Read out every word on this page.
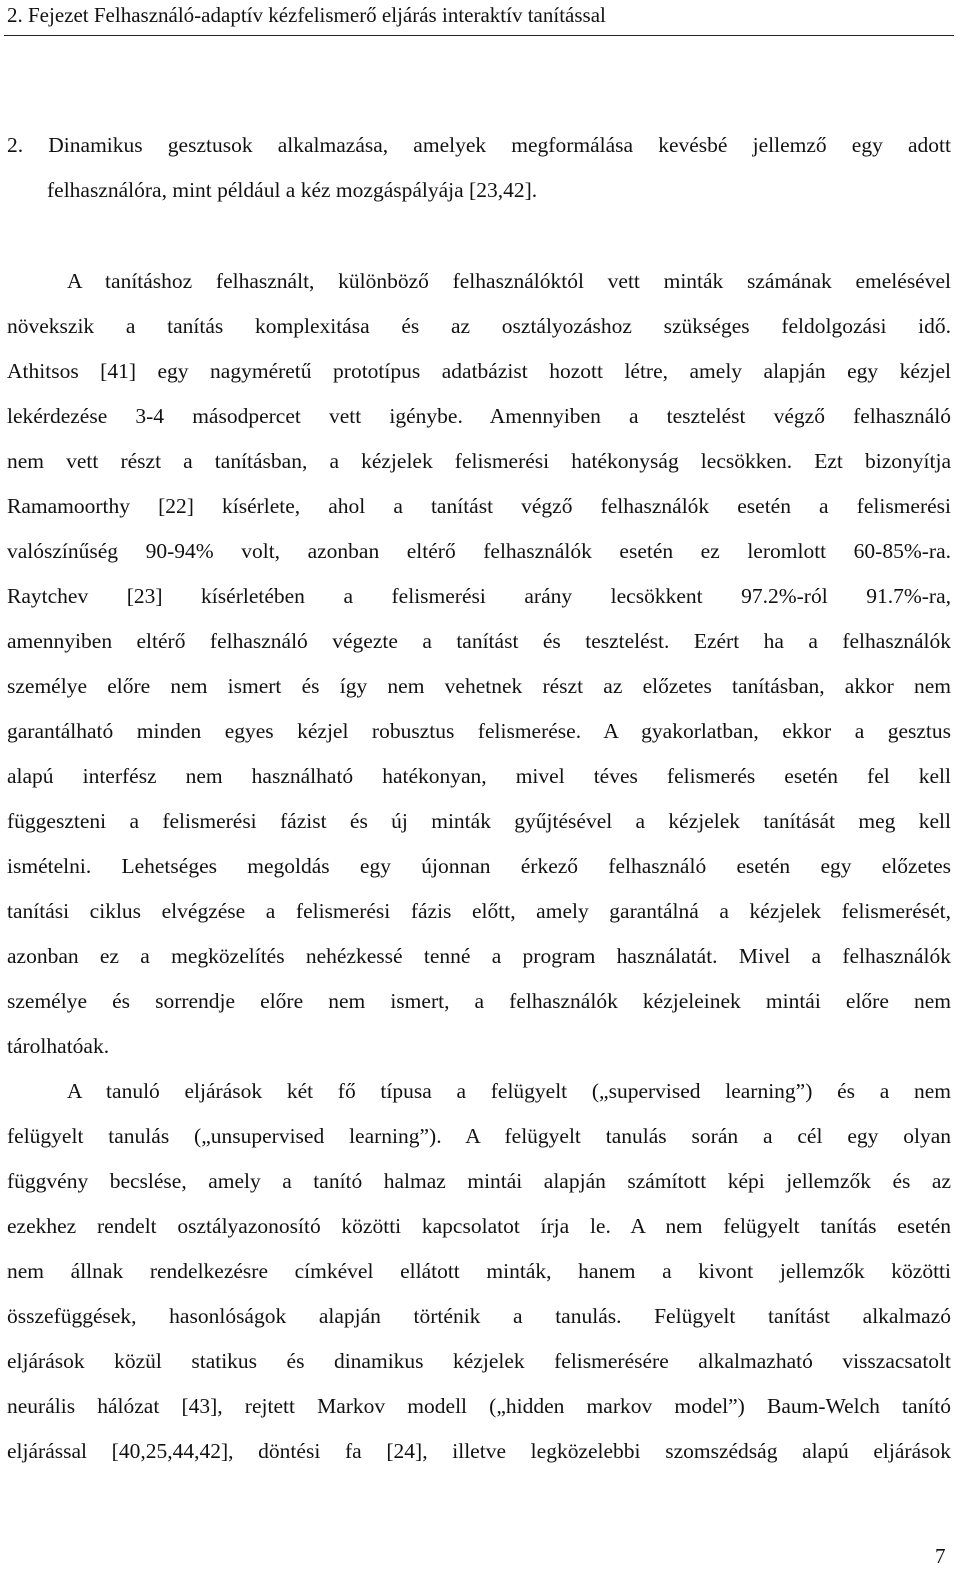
2. Fejezet Felhasználó-adaptív kézfelismerő eljárás interaktív tanítással
2. Dinamikus gesztusok alkalmazása, amelyek megformálása kevésbé jellemző egy adott
felhasználóra, mint például a kéz mozgáspályája [23,42].
A tanításhoz felhasznált, különböző felhasználóktól vett minták számának emelésével
növekszik a tanítás komplexitása és az osztályozáshoz szükséges feldolgozási idő.
Athitsos [41] egy nagyméretű prototípus adatbázist hozott létre, amely alapján egy kézjel
lekérdezése 3-4 másodpercet vett igénybe. Amennyiben a tesztelést végző felhasználó
nem vett részt a tanításban, a kézjelek felismerési hatékonyság lecsökken. Ezt bizonyítja
Ramamoorthy [22] kísérlete, ahol a tanítást végző felhasználók esetén a felismerési
valószínűség 90-94% volt, azonban eltérő felhasználók esetén ez leromlott 60-85%-ra.
Raytchev [23] kísérletében a felismerési arány lecsökkent 97.2%-ról 91.7%-ra,
amennyiben eltérő felhasználó végezte a tanítást és tesztelést. Ezért ha a felhasználók
személye előre nem ismert és így nem vehetnek részt az előzetes tanításban, akkor nem
garantálható minden egyes kézjel robusztus felismerése. A gyakorlatban, ekkor a gesztus
alapú interfész nem használható hatékonyan, mivel téves felismerés esetén fel kell
függeszteni a felismerési fázist és új minták gyűjtésével a kézjelek tanítását meg kell
ismételni. Lehetséges megoldás egy újonnan érkező felhasználó esetén egy előzetes
tanítási ciklus elvégzése a felismerési fázis előtt, amely garantálná a kézjelek felismerését,
azonban ez a megközelítés nehézkessé tenné a program használatát. Mivel a felhasználók
személye és sorrendje előre nem ismert, a felhasználók kézjeleinek mintái előre nem
tárolhatóak.
A tanuló eljárások két fő típusa a felügyelt („supervised learning”) és a nem
felügyelt tanulás („unsupervised learning”). A felügyelt tanulás során a cél egy olyan
függvény becslése, amely a tanító halmaz mintái alapján számított képi jellemzők és az
ezekhez rendelt osztályazonosító közötti kapcsolatot írja le. A nem felügyelt tanítás esetén
nem állnak rendelkezésre címkével ellátott minták, hanem a kivont jellemzők közötti
összefüggések, hasonlóságok alapján történik a tanulás. Felügyelt tanítást alkalmazó
eljárások közül statikus és dinamikus kézjelek felismerésére alkalmazható visszacsatolt
neurális hálózat [43], rejtett Markov modell („hidden markov model”) Baum-Welch tanító
eljárással [40,25,44,42], döntési fa [24], illetve legközelebbi szomszédság alapú eljárások
7
